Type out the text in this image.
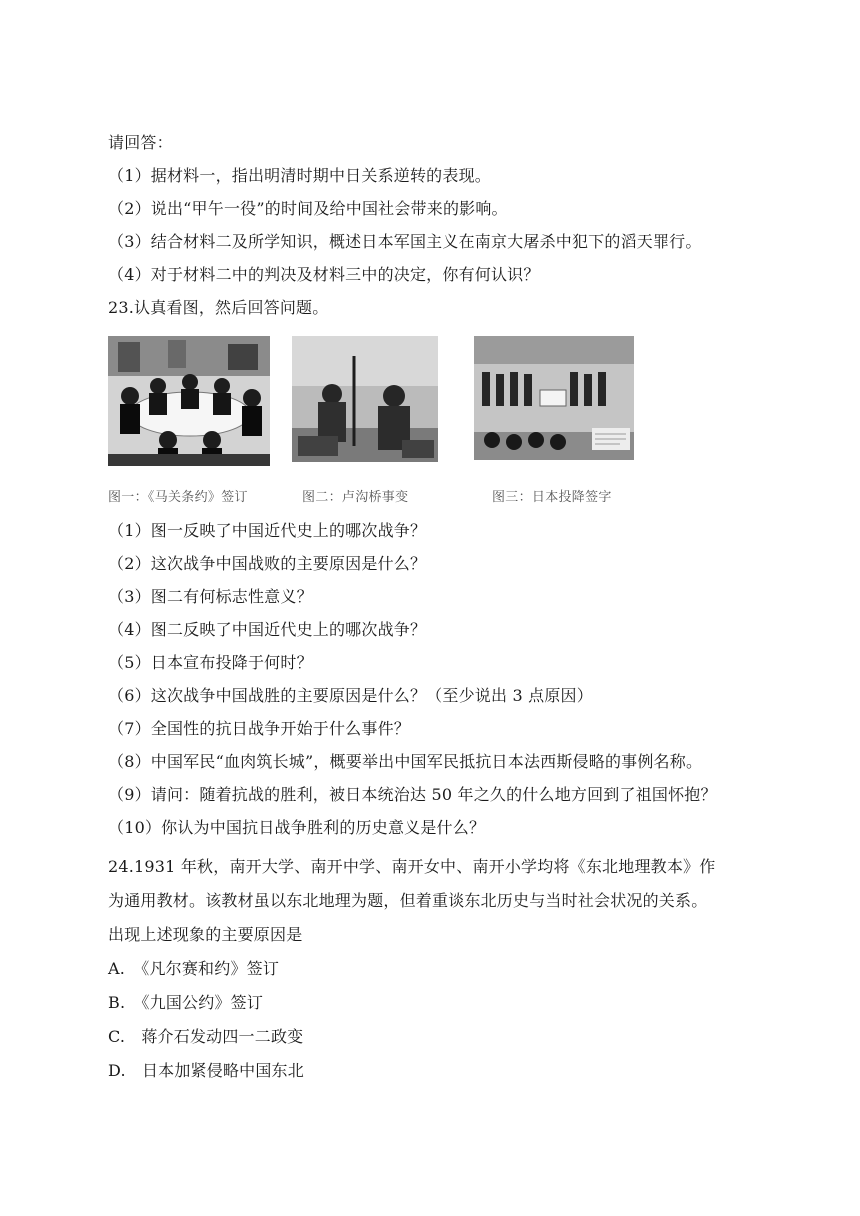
请回答：
（1）据材料一，指出明清时期中日关系逆转的表现。
（2）说出“甲午一役”的时间及给中国社会带来的影响。
（3）结合材料二及所学知识，概述日本军国主义在南京大屠杀中犯下的滔天罪行。
（4）对于材料二中的判决及材料三中的决定，你有何认识？
23.认真看图，然后回答问题。
图一：《马关条约》签订	图二：卢沟桥事变	图三：日本投降签字
（1）图一反映了中国近代史上的哪次战争？
（2）这次战争中国战败的主要原因是什么？
（3）图二有何标志性意义？
（4）图二反映了中国近代史上的哪次战争？
（5）日本宣布投降于何时？
（6）这次战争中国战胜的主要原因是什么？（至少说出 3 点原因）
（7）全国性的抗日战争开始于什么事件？
（8）中国军民“血肉筑长城”，概要举出中国军民抵抗日本法西斯侵略的事例名称。
（9）请问：随着抗战的胜利，被日本统治达 50 年之久的什么地方回到了祖国怀抱？
（10）你认为中国抗日战争胜利的历史意义是什么？
24.1931 年秋，南开大学、南开中学、南开女中、南开小学均将《东北地理教本》作
为通用教材。该教材虽以东北地理为题，但着重谈东北历史与当时社会状况的关系。
出现上述现象的主要原因是
A.　《凡尔赛和约》签订
B.　《九国公约》签订
C.　蒋介石发动四一二政变
D.　日本加紧侵略中国东北
